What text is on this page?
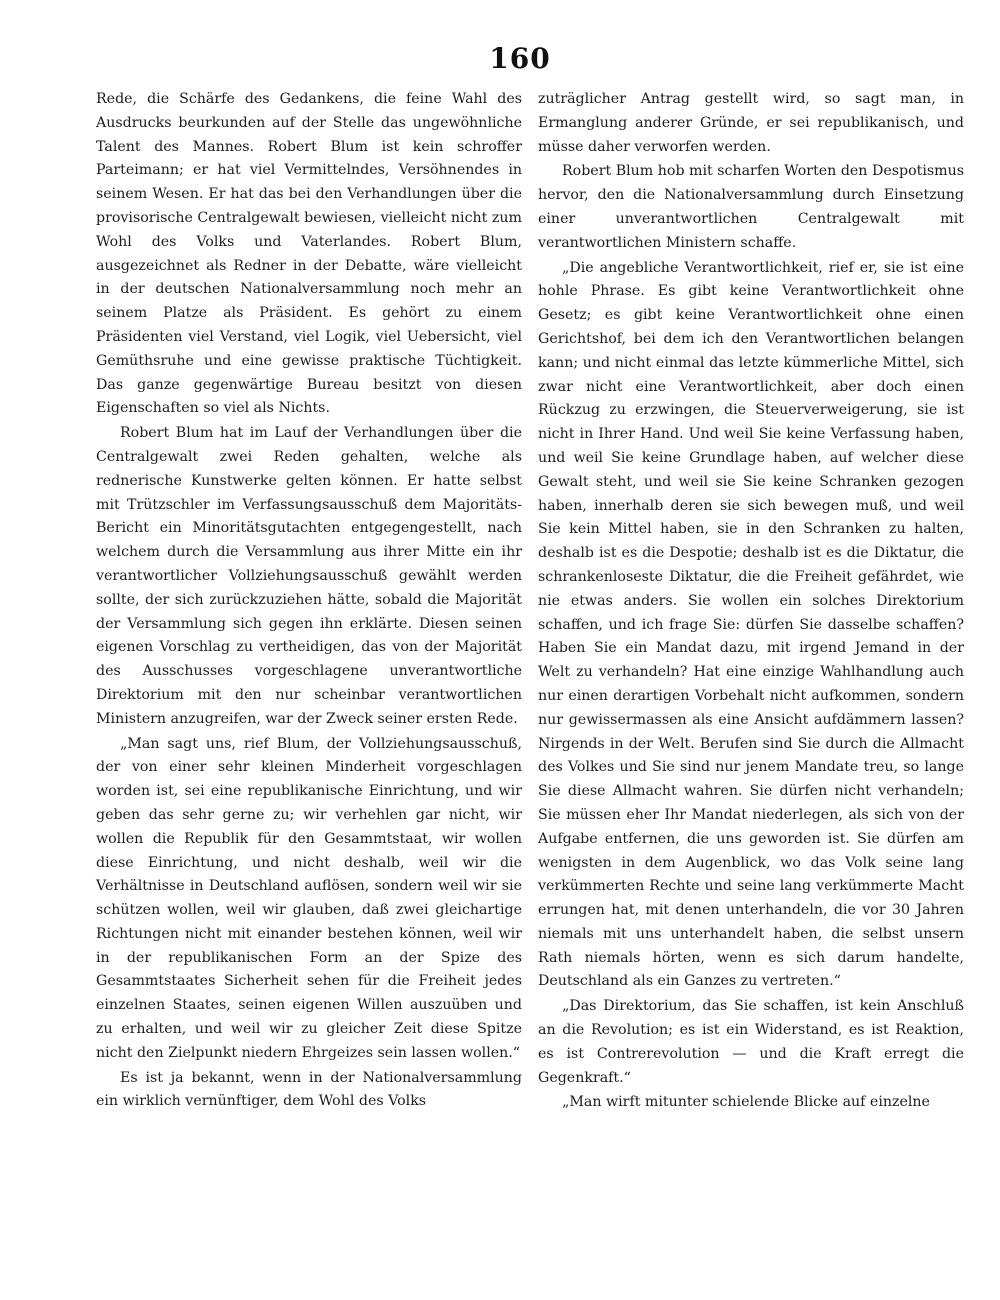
160

Rede, die Schärfe des Gedankens, die feine Wahl des Ausdrucks beurkunden auf der Stelle das ungewöhnliche Talent des Mannes. Robert Blum ist kein schroffer Parteimann; er hat viel Vermittelndes, Versöhnendes in seinem Wesen. Er hat das bei den Verhandlungen über die provisorische Centralgewalt bewiesen, vielleicht nicht zum Wohl des Volks und Vaterlandes. Robert Blum, ausgezeichnet als Redner in der Debatte, wäre vielleicht in der deutschen Nationalversammlung noch mehr an seinem Platze als Präsident. Es gehört zu einem Präsidenten viel Verstand, viel Logik, viel Uebersicht, viel Gemüthsruhe und eine gewisse praktische Tüchtigkeit. Das ganze gegenwärtige Bureau besitzt von diesen Eigenschaften so viel als Nichts.

Robert Blum hat im Lauf der Verhandlungen über die Centralgewalt zwei Reden gehalten, welche als rednerische Kunstwerke gelten können. Er hatte selbst mit Trützschler im Verfassungsausschuß dem Majoritäts-Bericht ein Minoritätsgutachten entgegengestellt, nach welchem durch die Versammlung aus ihrer Mitte ein ihr verantwortlicher Vollziehungsausschuß gewählt werden sollte, der sich zurückzuziehen hätte, sobald die Majorität der Versammlung sich gegen ihn erklärte. Diesen seinen eigenen Vorschlag zu vertheidigen, das von der Majorität des Ausschusses vorgeschlagene unverantwortliche Direktorium mit den nur scheinbar verantwortlichen Ministern anzugreifen, war der Zweck seiner ersten Rede.

„Man sagt uns, rief Blum, der Vollziehungsausschuß, der von einer sehr kleinen Minderheit vorgeschlagen worden ist, sei eine republikanische Einrichtung, und wir geben das sehr gerne zu; wir verhehlen gar nicht, wir wollen die Republik für den Gesammtstaat, wir wollen diese Einrichtung, und nicht deshalb, weil wir die Verhältnisse in Deutschland auflösen, sondern weil wir sie schützen wollen, weil wir glauben, daß zwei gleichartige Richtungen nicht mit einander bestehen können, weil wir in der republikanischen Form an der Spize des Gesammtstaates Sicherheit sehen für die Freiheit jedes einzelnen Staates, seinen eigenen Willen auszuüben und zu erhalten, und weil wir zu gleicher Zeit diese Spitze nicht den Zielpunkt niedern Ehrgeizes sein lassen wollen.“

Es ist ja bekannt, wenn in der Nationalversammlung ein wirklich vernünftiger, dem Wohl des Volks

zuträglicher Antrag gestellt wird, so sagt man, in Ermanglung anderer Gründe, er sei republikanisch, und müsse daher verworfen werden.

Robert Blum hob mit scharfen Worten den Despotismus hervor, den die Nationalversammlung durch Einsetzung einer unverantwortlichen Centralgewalt mit verantwortlichen Ministern schaffe.

„Die angebliche Verantwortlichkeit, rief er, sie ist eine hohle Phrase. Es gibt keine Verantwortlichkeit ohne Gesetz; es gibt keine Verantwortlichkeit ohne einen Gerichtshof, bei dem ich den Verantwortlichen belangen kann; und nicht einmal das letzte kümmerliche Mittel, sich zwar nicht eine Verantwortlichkeit, aber doch einen Rückzug zu erzwingen, die Steuerverweigerung, sie ist nicht in Ihrer Hand. Und weil Sie keine Verfassung haben, und weil Sie keine Grundlage haben, auf welcher diese Gewalt steht, und weil sie Sie keine Schranken gezogen haben, innerhalb deren sie sich bewegen muß, und weil Sie kein Mittel haben, sie in den Schranken zu halten, deshalb ist es die Despotie; deshalb ist es die Diktatur, die schrankenloseste Diktatur, die die Freiheit gefährdet, wie nie etwas anders. Sie wollen ein solches Direktorium schaffen, und ich frage Sie: dürfen Sie dasselbe schaffen? Haben Sie ein Mandat dazu, mit irgend Jemand in der Welt zu verhandeln? Hat eine einzige Wahlhandlung auch nur einen derartigen Vorbehalt nicht aufkommen, sondern nur gewissermassen als eine Ansicht aufdämmern lassen? Nirgends in der Welt. Berufen sind Sie durch die Allmacht des Volkes und Sie sind nur jenem Mandate treu, so lange Sie diese Allmacht wahren. Sie dürfen nicht verhandeln; Sie müssen eher Ihr Mandat niederlegen, als sich von der Aufgabe entfernen, die uns geworden ist. Sie dürfen am wenigsten in dem Augenblick, wo das Volk seine lang verkümmerten Rechte und seine lang verkümmerte Macht errungen hat, mit denen unterhandeln, die vor 30 Jahren niemals mit uns unterhandelt haben, die selbst unsern Rath niemals hörten, wenn es sich darum handelte, Deutschland als ein Ganzes zu vertreten.“

„Das Direktorium, das Sie schaffen, ist kein Anschluß an die Revolution; es ist ein Widerstand, es ist Reaktion, es ist Contrerevolution — und die Kraft erregt die Gegenkraft.“

„Man wirft mitunter schielende Blicke auf einzelne
